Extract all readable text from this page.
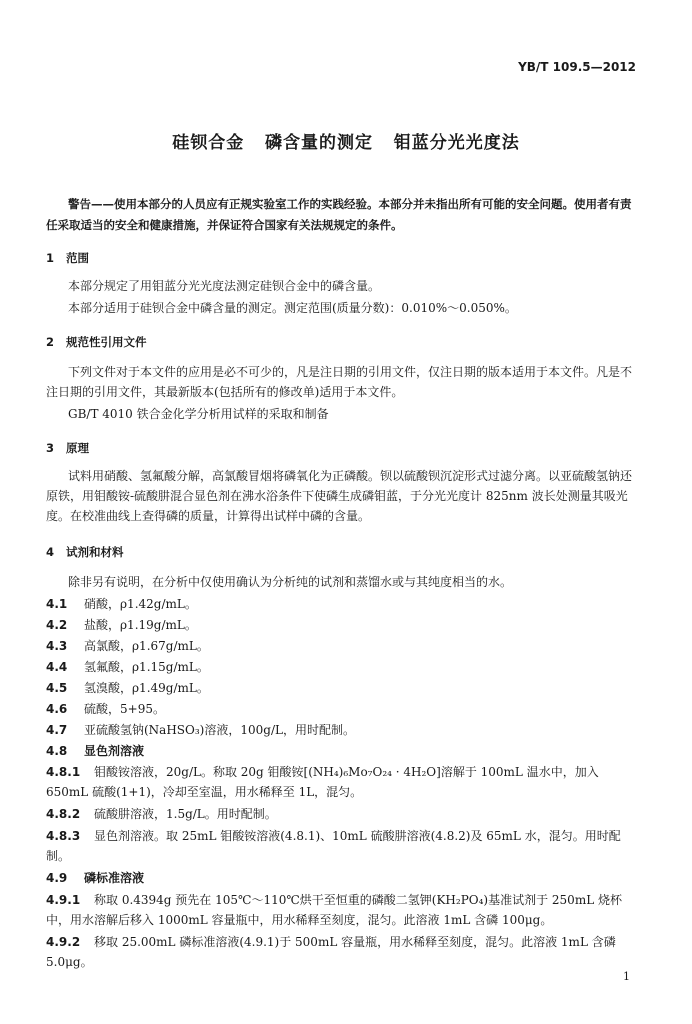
YB/T 109.5—2012
硅钡合金   磷含量的测定   钼蓝分光光度法
警告——使用本部分的人员应有正规实验室工作的实践经验。本部分并未指出所有可能的安全问题。使用者有责任采取适当的安全和健康措施，并保证符合国家有关法规规定的条件。
1 范围
本部分规定了用钼蓝分光光度法测定硅钡合金中的磷含量。
本部分适用于硅钡合金中磷含量的测定。测定范围(质量分数)：0.010%～0.050%。
2 规范性引用文件
下列文件对于本文件的应用是必不可少的，凡是注日期的引用文件，仅注日期的版本适用于本文件。凡是不注日期的引用文件，其最新版本(包括所有的修改单)适用于本文件。
GB/T 4010 铁合金化学分析用试样的采取和制备
3 原理
试料用硝酸、氢氟酸分解，高氯酸冒烟将磷氧化为正磷酸。钡以硫酸钡沉淀形式过滤分离。以亚硫酸氢钠还原铁，用钼酸铵-硫酸肼混合显色剂在沸水浴条件下使磷生成磷钼蓝，于分光光度计 825nm 波长处测量其吸光度。在校准曲线上查得磷的质量，计算得出试样中磷的含量。
4 试剂和材料
除非另有说明，在分析中仅使用确认为分析纯的试剂和蒸馏水或与其纯度相当的水。
4.1	硝酸，ρ1.42g/mL。
4.2	盐酸，ρ1.19g/mL。
4.3	高氯酸，ρ1.67g/mL。
4.4	氢氟酸，ρ1.15g/mL。
4.5	氢溴酸，ρ1.49g/mL。
4.6	硫酸，5+95。
4.7	亚硫酸氢钠(NaHSO₃)溶液，100g/L，用时配制。
4.8	显色剂溶液
4.8.1 钼酸铵溶液，20g/L。称取 20g 钼酸铵[(NH₄)₆Mo₇O₂₄ · 4H₂O]溶解于 100mL 温水中，加入 650mL 硫酸(1+1)，冷却至室温，用水稀释至 1L，混匀。
4.8.2 硫酸肼溶液，1.5g/L。用时配制。
4.8.3 显色剂溶液。取 25mL 钼酸铵溶液(4.8.1)、10mL 硫酸肼溶液(4.8.2)及 65mL 水，混匀。用时配制。
4.9	磷标准溶液
4.9.1 称取 0.4394g 预先在 105℃～110℃烘干至恒重的磷酸二氢钾(KH₂PO₄)基准试剂于 250mL 烧杯中，用水溶解后移入 1000mL 容量瓶中，用水稀释至刻度，混匀。此溶液 1mL 含磷 100μg。
4.9.2 移取 25.00mL 磷标准溶液(4.9.1)于 500mL 容量瓶，用水稀释至刻度，混匀。此溶液 1mL 含磷 5.0μg。
1
